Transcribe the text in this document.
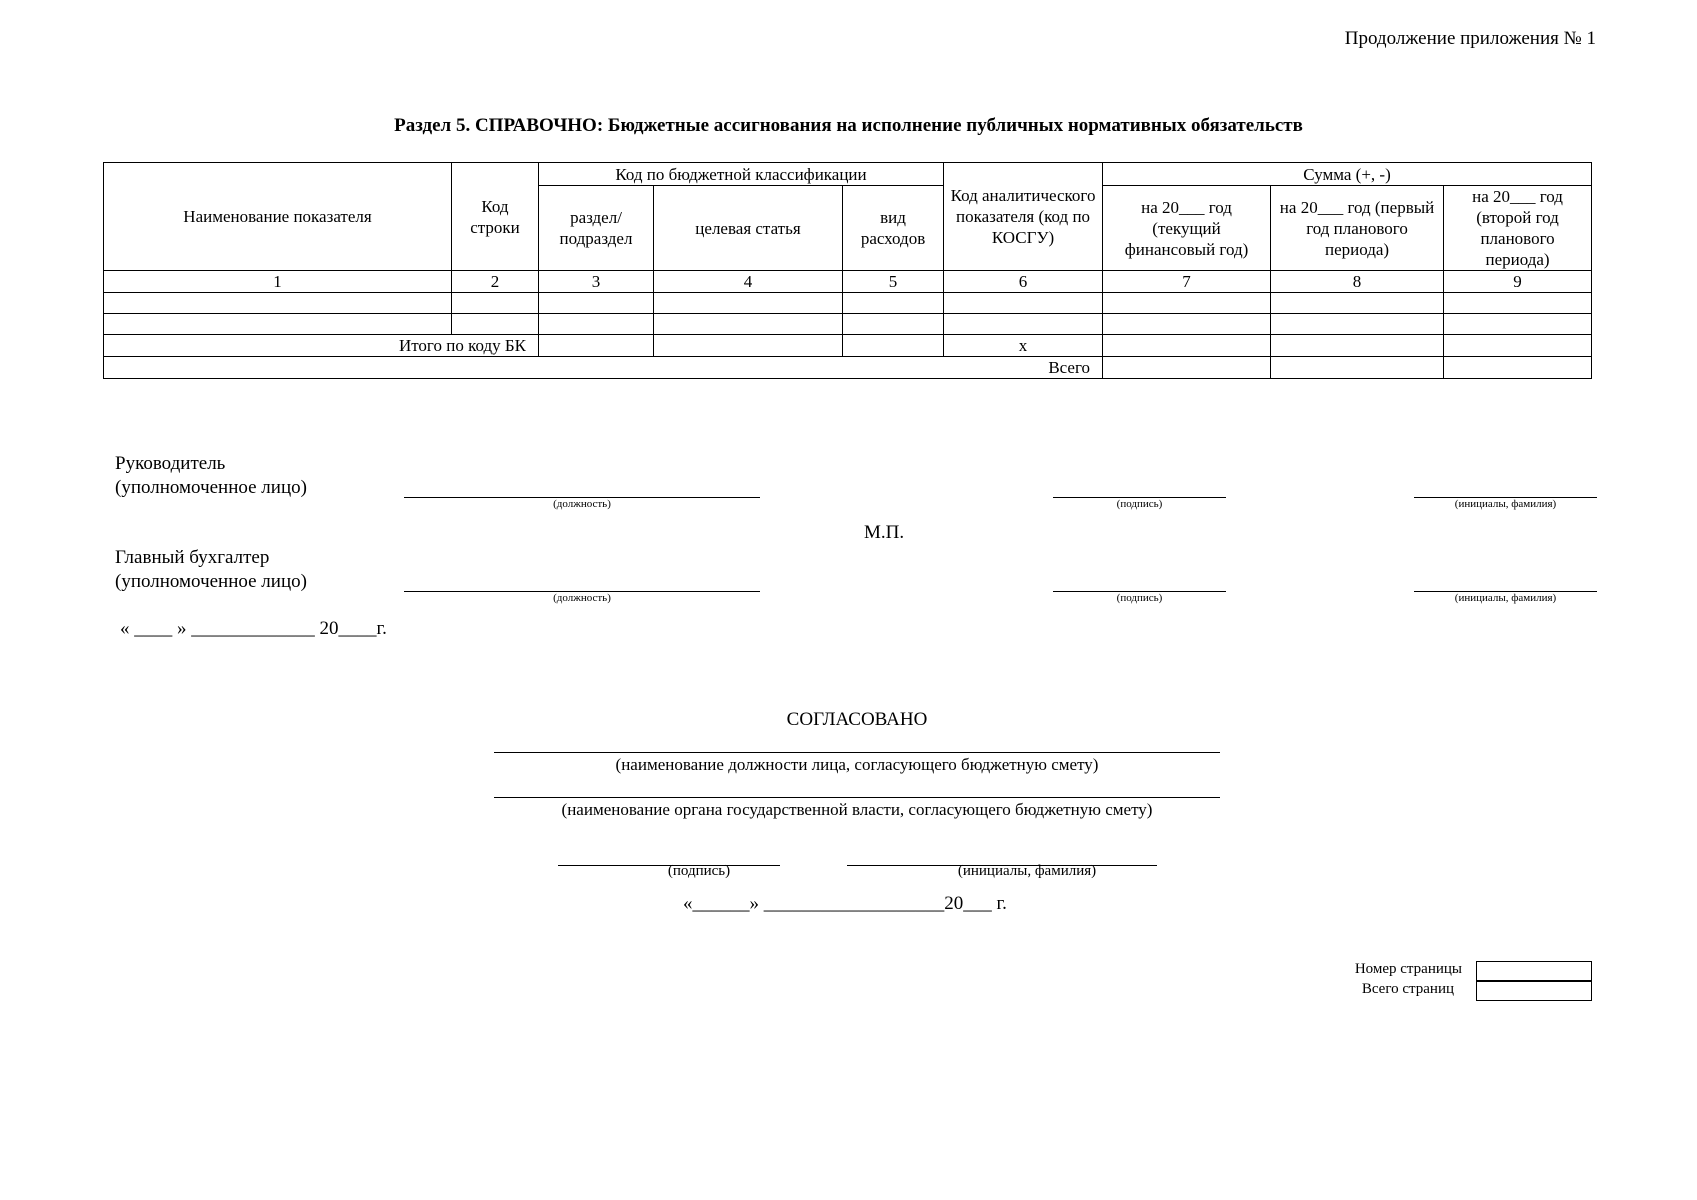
Продолжение приложения № 1
Раздел 5. СПРАВОЧНО: Бюджетные ассигнования на исполнение публичных нормативных обязательств
Наименование показателя	Код строки	Код по бюджетной классификации			Код аналитического показателя (код по КОСГУ)	Сумма (+, -)		
		раздел/ подраздел	целевая статья	вид расходов		на 20___ год (текущий финансовый год)	на 20___ год (первый год планового периода)	на 20___ год (второй год планового периода)
1	2	3	4	5	6	7	8	9

Итого по коду БК					x			
Всего								
Руководитель
(уполномоченное лицо)
(должность)	(подпись)	(инициалы, фамилия)
М.П.
Главный бухгалтер
(уполномоченное лицо)
(должность)	(подпись)	(инициалы, фамилия)
« ____ » _____________ 20____г.
СОГЛАСОВАНО
(наименование должности лица, согласующего бюджетную смету)
(наименование органа государственной власти, согласующего бюджетную смету)
(подпись)	(инициалы, фамилия)
«______» ___________________20___ г.
Номер страницы
Всего страниц
